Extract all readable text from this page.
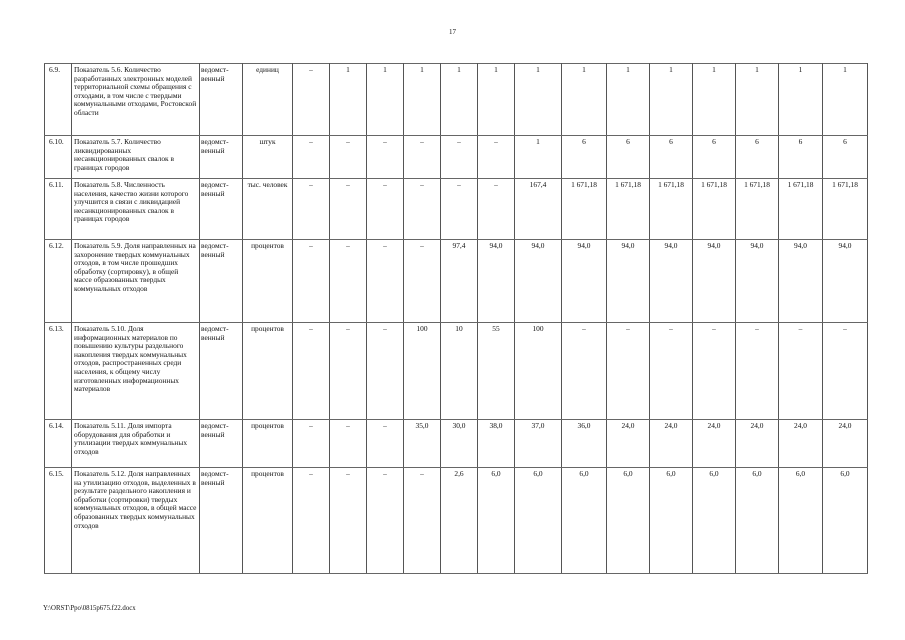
17
6.9.	Показатель 5.6. Количество разработанных электронных моделей территориальной схемы обращения с отходами, в том числе с твердыми коммунальными отходами, Ростовской области	ведомст-венный	единиц	–	1	1	1	1	1	1	1	1	1	1	1	1	1
6.10.	Показатель 5.7. Количество ликвидированных несанкционированных свалок в границах городов	ведомст-венный	штук	–	–	–	–	–	–	1	6	6	6	6	6	6	6
6.11.	Показатель 5.8. Численность населения, качество жизни которого улучшится в связи с ликвидацией несанкционированных свалок в границах городов	ведомст-венный	тыс. человек	–	–	–	–	–	–	167,4	1 671,18	1 671,18	1 671,18	1 671,18	1 671,18	1 671,18	1 671,18
6.12.	Показатель 5.9. Доля направленных на захоронение твердых коммунальных отходов, в том числе прошедших обработку (сортировку), в общей массе образованных твердых коммунальных отходов	ведомст-венный	процентов	–	–	–	–	97,4	94,0	94,0	94,0	94,0	94,0	94,0	94,0	94,0	94,0
6.13.	Показатель 5.10. Доля информационных материалов по повышению культуры раздельного накопления твердых коммунальных отходов, распространенных среди населения, к общему числу изготовленных информационных материалов	ведомст-венный	процентов	–	–	–	100	10	55	100	–	–	–	–	–	–	–
6.14.	Показатель 5.11. Доля импорта оборудования для обработки и утилизации твердых коммунальных отходов	ведомст-венный	процентов	–	–	–	35,0	30,0	38,0	37,0	36,0	24,0	24,0	24,0	24,0	24,0	24,0
6.15.	Показатель 5.12. Доля направленных на утилизацию отходов, выделенных в результате раздельного накопления и обработки (сортировки) твердых коммунальных отходов, в общей массе образованных твердых коммунальных отходов	ведомст-венный	процентов	–	–	–	–	2,6	6,0	6,0	6,0	6,0	6,0	6,0	6,0	6,0	6,0
Y:\ORST\Ppo\0815p675.f22.docx
